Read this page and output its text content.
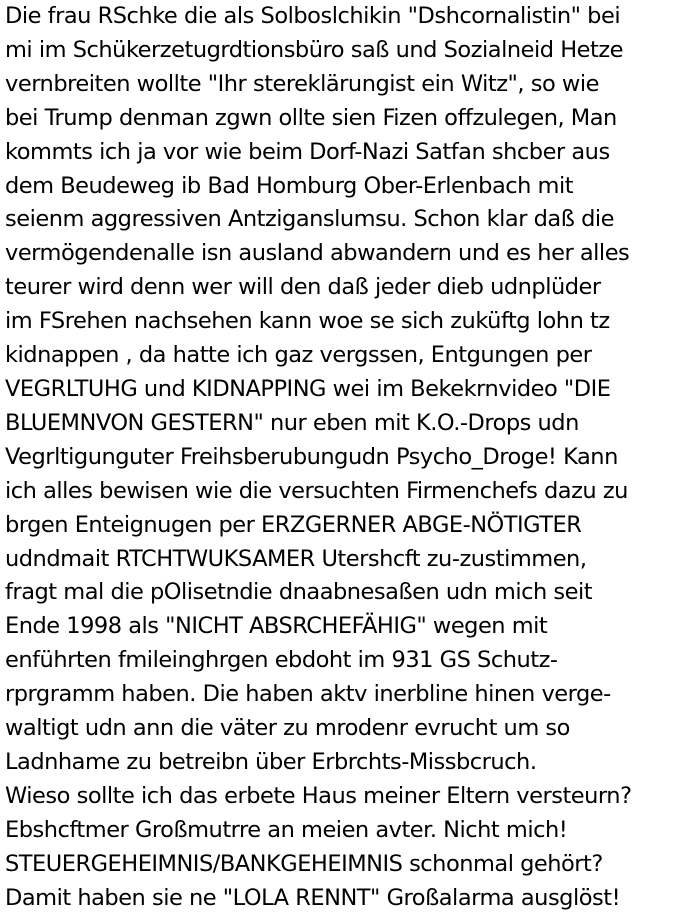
Die frau RSchke die als Solboslchikin "Dshcornalistin" bei
mi im Schükerzetugrdtionsbüro saß und Sozialneid Hetze
vernbreiten wollte "Ihr stereklärungist ein Witz", so wie
bei Trump denman zgwn ollte sien Fizen offzulegen, Man
kommts ich ja vor wie beim Dorf-Nazi Satfan shcber aus
dem Beudeweg ib Bad Homburg Ober-Erlenbach mit
seienm aggressiven Antziganslumsu. Schon klar daß die
vermögendenalle isn ausland abwandern und es her alles
teurer wird denn wer will den daß jeder dieb udnplüder
im FSrehen nachsehen kann woe se sich zuküftg lohn tz
kidnappen , da hatte ich gaz vergssen, Entgungen per
VEGRLTUHG und KIDNAPPING wei im Bekekrnvideo "DIE
BLUEMNVON GESTERN" nur eben mit K.O.-Drops udn
Vegrltigunguter Freihsberubungudn Psycho_Droge! Kann
ich alles bewisen wie die versuchten Firmenchefs dazu zu
brgen Enteignugen per ERZGERNER ABGE-NÖTIGTER
udndmait RTCHTWUKSAMER Utershcft zu-zustimmen,
fragt mal die pOlisetndie dnaabnesaßen udn mich seit
Ende 1998 als "NICHT ABSRCHEFÄHIG" wegen mit
enführten fmileinghrgen ebdoht im 931 GS Schutz-
rprgramm haben. Die haben aktv inerbline hinen verge-
waltigt udn ann die väter zu mrodenr evrucht um so
Ladnhame zu betreibn über Erbrchts-Missbcruch.
Wieso sollte ich das erbete Haus meiner Eltern versteurn?
Ebshcftmer Großmutrre an meien avter. Nicht mich!
STEUERGEHEIMNIS/BANKGEHEIMNIS schonmal gehört?
Damit haben sie ne "LOLA RENNT" Großalarma ausglöst!
